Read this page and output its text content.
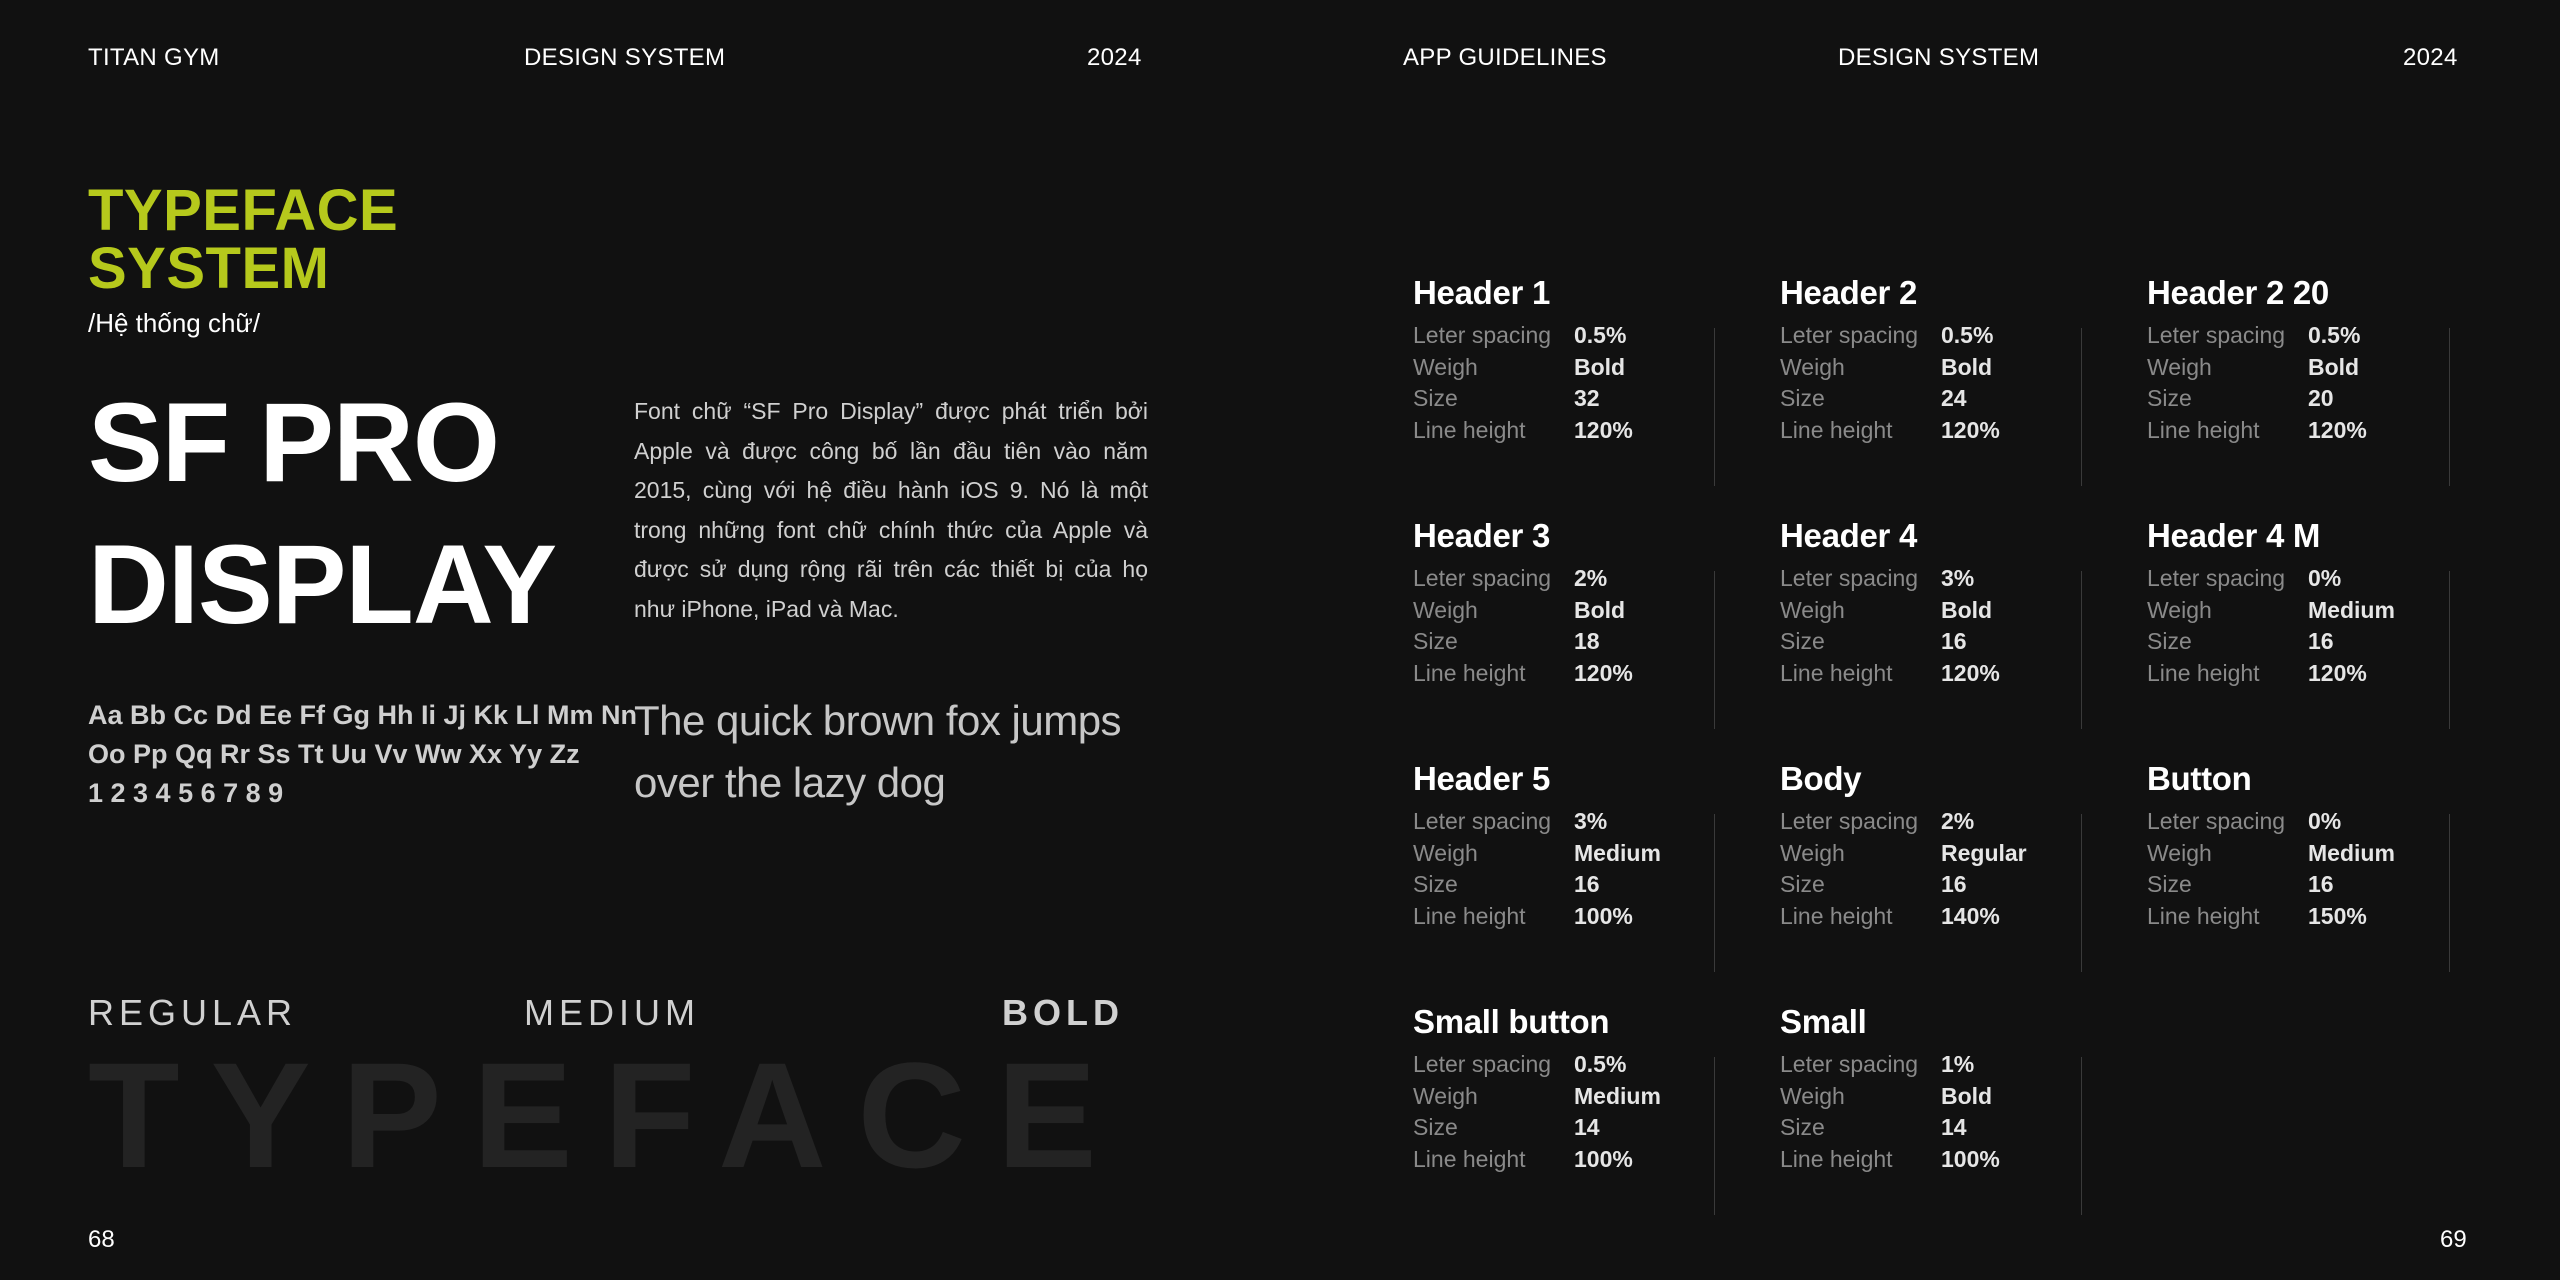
TITAN GYM	DESIGN SYSTEM	2024	APP GUIDELINES	DESIGN SYSTEM	2024
TYPEFACE
SYSTEM
/Hệ thống chữ/
SF PRO
DISPLAY
Font chữ “SF Pro Display” được phát triển bởi Apple và được công bố lần đầu tiên vào năm 2015, cùng với hệ điều hành iOS 9. Nó là một trong những font chữ chính thức của Apple và được sử dụng rộng rãi trên các thiết bị của họ như iPhone, iPad và Mac.
Aa Bb Cc Dd Ee Ff Gg Hh Ii Jj Kk Ll Mm Nn
Oo Pp Qq Rr Ss Tt Uu Vv Ww Xx Yy Zz
1 2 3 4 5 6 7 8 9
The quick brown fox jumps over the lazy dog
REGULAR	MEDIUM	BOLD
TYPEFACE
68	69
Header 1
Leter spacing 0.5%
Weigh	Bold
Size	32
Line height	120%
Header 2
Leter spacing 0.5%
Weigh	Bold
Size	24
Line height	120%
Header 2 20
Leter spacing 0.5%
Weigh	Bold
Size	20
Line height	120%
Header 3
Leter spacing 2%
Weigh	Bold
Size	18
Line height	120%
Header 4
Leter spacing 3%
Weigh	Bold
Size	16
Line height	120%
Header 4 M
Leter spacing 0%
Weigh	Medium
Size	16
Line height	120%
Header 5
Leter spacing 3%
Weigh	Medium
Size	16
Line height	100%
Body
Leter spacing 2%
Weigh	Regular
Size	16
Line height	140%
Button
Leter spacing 0%
Weigh	Medium
Size	16
Line height	150%
Small button
Leter spacing 0.5%
Weigh	Medium
Size	14
Line height	100%
Small
Leter spacing 1%
Weigh	Bold
Size	14
Line height	100%
